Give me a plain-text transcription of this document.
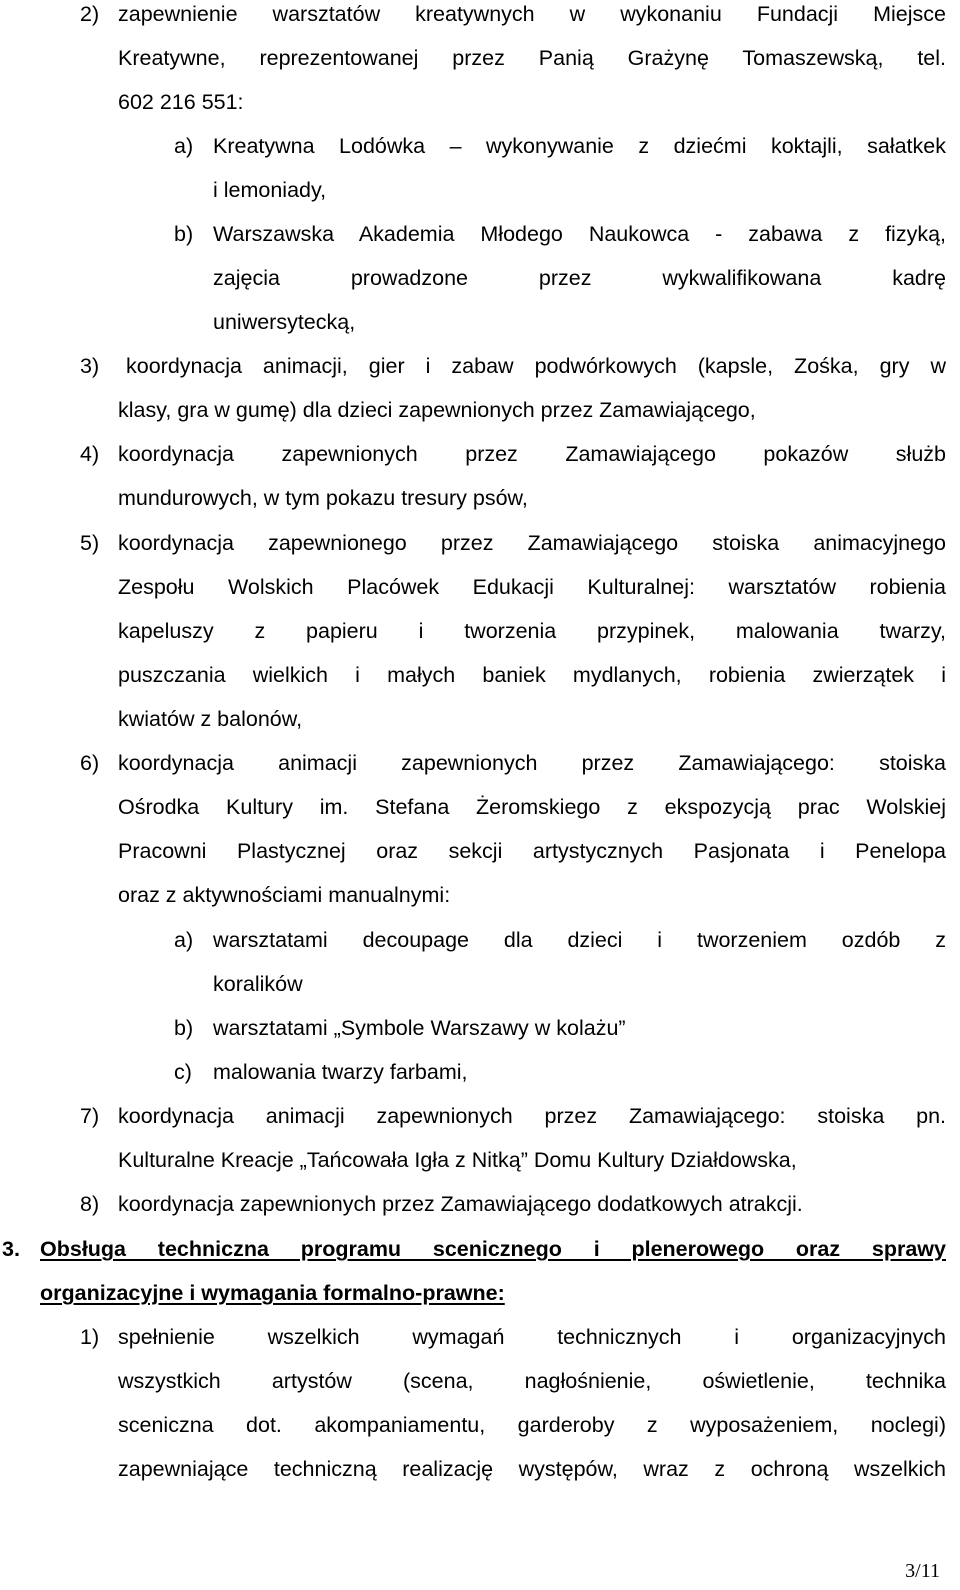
2) zapewnienie warsztatów kreatywnych w wykonaniu Fundacji Miejsce
Kreatywne, reprezentowanej przez Panią Grażynę Tomaszewską, tel.
602 216 551:
a) Kreatywna Lodówka – wykonywanie z dziećmi koktajli, sałatkek
i lemoniady,
b) Warszawska Akademia Młodego Naukowca - zabawa z fizyką,
zajęcia prowadzone przez wykwalifikowana kadrę
uniwersytecką,
3) koordynacja animacji, gier i zabaw podwórkowych (kapsle, Zośka, gry w
klasy, gra w gumę) dla dzieci zapewnionych przez Zamawiającego,
4) koordynacja zapewnionych przez Zamawiającego pokazów służb
mundurowych, w tym pokazu tresury psów,
5) koordynacja zapewnionego przez Zamawiającego stoiska animacyjnego
Zespołu Wolskich Placówek Edukacji Kulturalnej: warsztatów robienia
kapeluszy z papieru i tworzenia przypinek, malowania twarzy,
puszczania wielkich i małych baniek mydlanych, robienia zwierzątek i
kwiatów z balonów,
6) koordynacja animacji zapewnionych przez Zamawiającego: stoiska
Ośrodka Kultury im. Stefana Żeromskiego z ekspozycją prac Wolskiej
Pracowni Plastycznej oraz sekcji artystycznych Pasjonata i Penelopa
oraz z aktywnościami manualnymi:
a) warsztatami decoupage dla dzieci i tworzeniem ozdób z
koralików
b) warsztatami „Symbole Warszawy w kolażu”
c) malowania twarzy farbami,
7) koordynacja animacji zapewnionych przez Zamawiającego: stoiska pn.
Kulturalne Kreacje „Tańcowała Igła z Nitką” Domu Kultury Działdowska,
8) koordynacja zapewnionych przez Zamawiającego dodatkowych atrakcji.
3. Obsługa techniczna programu scenicznego i plenerowego oraz sprawy
organizacyjne i wymagania formalno-prawne:
1) spełnienie wszelkich wymagań technicznych i organizacyjnych
wszystkich artystów (scena, nagłośnienie, oświetlenie, technika
sceniczna dot. akompaniamentu, garderoby z wyposażeniem, noclegi)
zapewniające techniczną realizację występów, wraz z ochroną wszelkich
3/11
